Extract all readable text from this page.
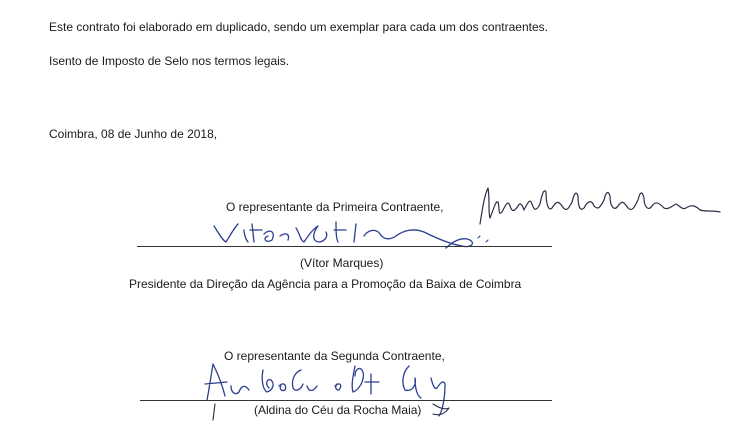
Este contrato foi elaborado em duplicado, sendo um exemplar para cada um dos contraentes.
Isento de Imposto de Selo nos termos legais.
Coimbra, 08 de Junho de 2018,
O representante da Primeira Contraente,
(Vítor Marques)
Presidente da Direção da Agência para a Promoção da Baixa de Coimbra
O representante da Segunda Contraente,
(Aldina do Céu da Rocha Maia)
